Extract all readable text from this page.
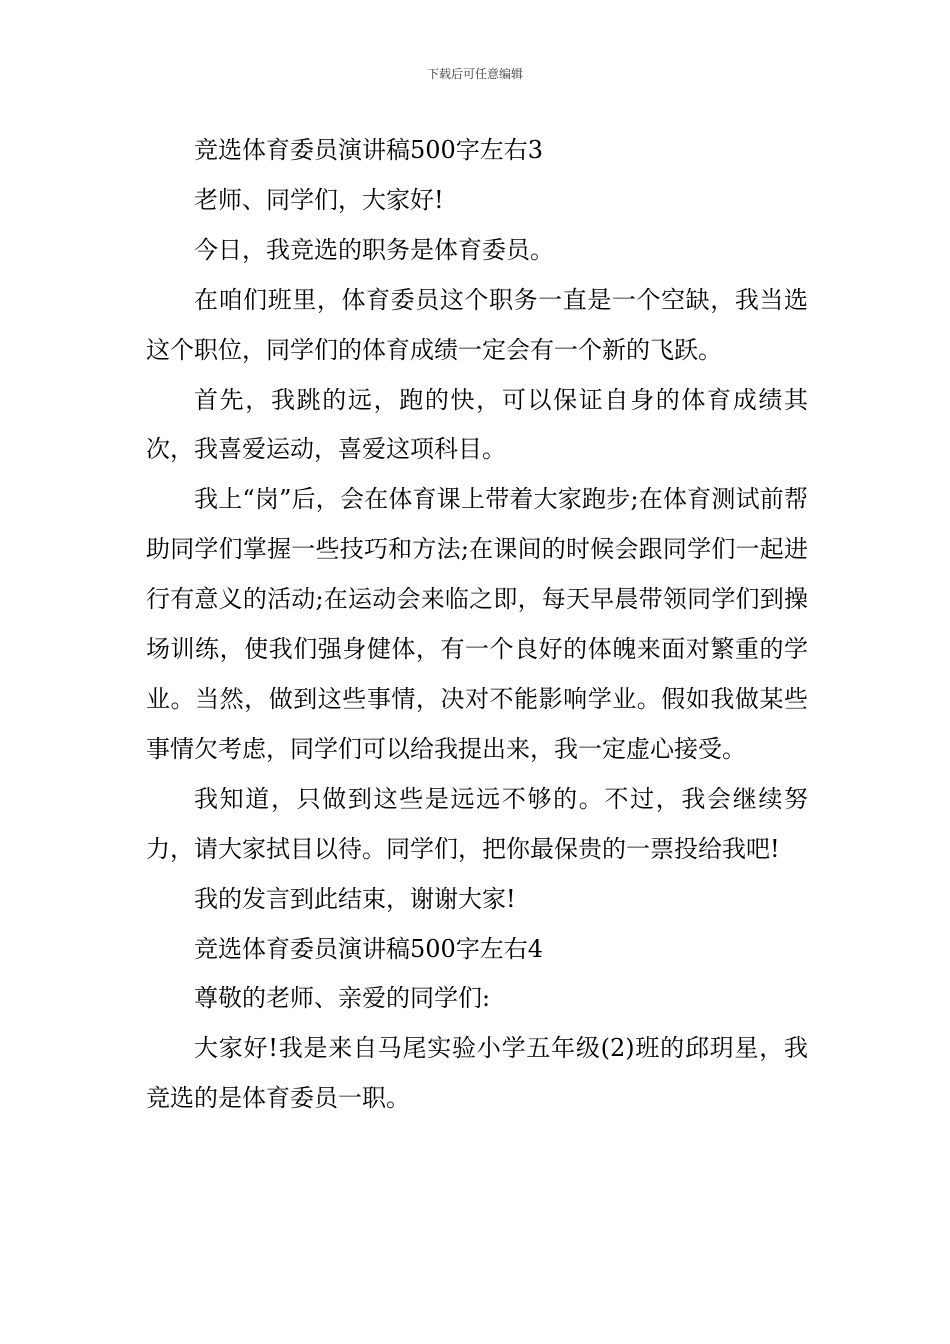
下载后可任意编辑

竞选体育委员演讲稿500字左右3

老师、同学们，大家好!

今日，我竞选的职务是体育委员。

在咱们班里，体育委员这个职务一直是一个空缺，我当选这个职位，同学们的体育成绩一定会有一个新的飞跃。

首先，我跳的远，跑的快，可以保证自身的体育成绩其次，我喜爱运动，喜爱这项科目。

我上“岗”后，会在体育课上带着大家跑步;在体育测试前帮助同学们掌握一些技巧和方法;在课间的时候会跟同学们一起进行有意义的活动;在运动会来临之即，每天早晨带领同学们到操场训练，使我们强身健体，有一个良好的体魄来面对繁重的学业。当然，做到这些事情，决对不能影响学业。假如我做某些事情欠考虑，同学们可以给我提出来，我一定虚心接受。

我知道，只做到这些是远远不够的。不过，我会继续努力，请大家拭目以待。同学们，把你最保贵的一票投给我吧!

我的发言到此结束，谢谢大家!

竞选体育委员演讲稿500字左右4

尊敬的老师、亲爱的同学们:

大家好!我是来自马尾实验小学五年级(2)班的邱玥星，我竞选的是体育委员一职。
